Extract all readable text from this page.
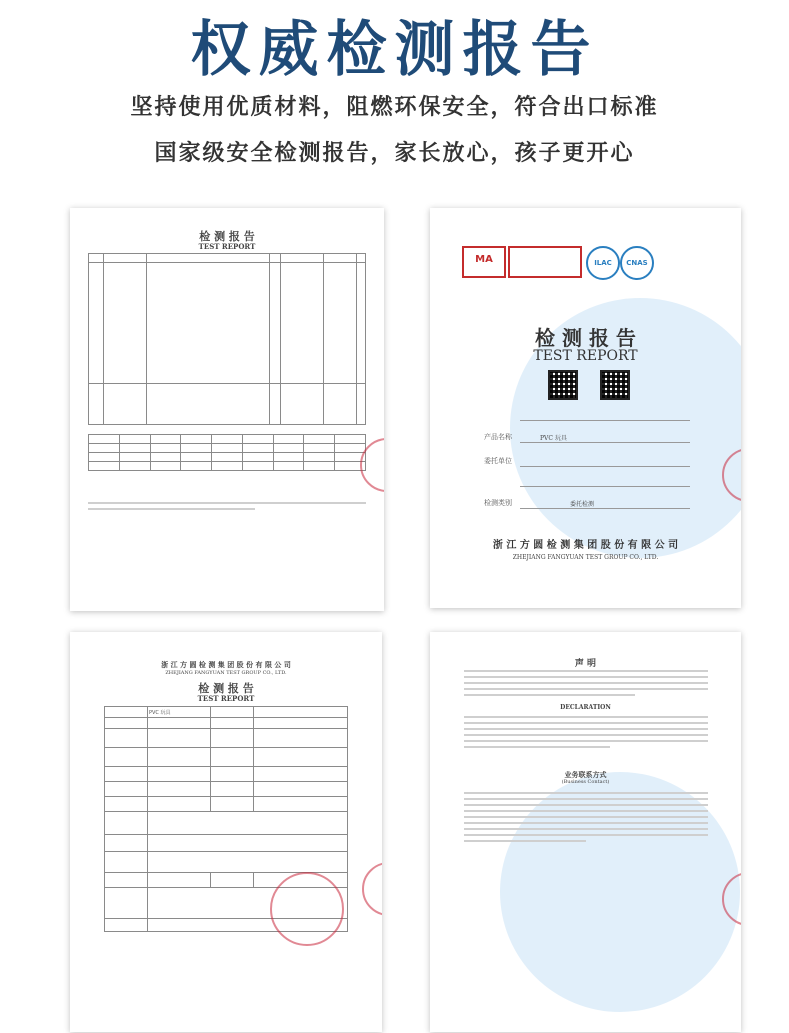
权威检测报告
坚持使用优质材料，阻燃环保安全，符合出口标准
国家级安全检测报告，家长放心，孩子更开心
检 测 报 告
TEST REPORT

MA	ILAC	CNAS
检 测 报 告
TEST REPORT
产品名称	PVC 玩具
委托单位
检测类别	委托检测
浙 江 方 圆 检 测 集 团 股 份 有 限 公 司
ZHEJIANG FANGYUAN TEST GROUP CO., LTD.
浙 江 方 圆 检 测 集 团 股 份 有 限 公 司
ZHEJIANG FANGYUAN TEST GROUP CO., LTD.
检 测 报 告
TEST REPORT
	PVC 玩具		

声 明
DECLARATION
业务联系方式
(Business Contact)
